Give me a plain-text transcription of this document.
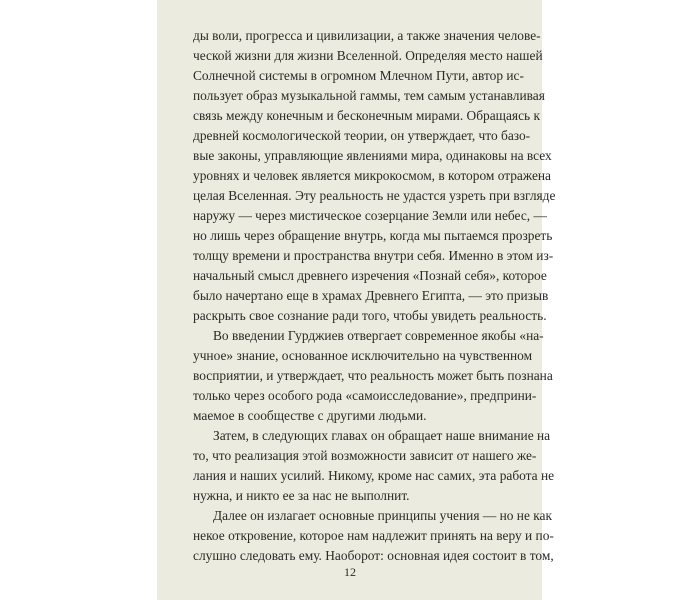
ды воли, прогресса и цивилизации, а также значения челове-
ческой жизни для жизни Вселенной. Определяя место нашей
Солнечной системы в огромном Млечном Пути, автор ис-
пользует образ музыкальной гаммы, тем самым устанавливая
связь между конечным и бесконечным мирами. Обращаясь к
древней космологической теории, он утверждает, что базо-
вые законы, управляющие явлениями мира, одинаковы на всех
уровнях и человек является микрокосмом, в котором отражена
целая Вселенная. Эту реальность не удастся узреть при взгляде
наружу — через мистическое созерцание Земли или небес, —
но лишь через обращение внутрь, когда мы пытаемся прозреть
толщу времени и пространства внутри себя. Именно в этом из-
начальный смысл древнего изречения «Познай себя», которое
было начертано еще в храмах Древнего Египта, — это призыв
раскрыть свое сознание ради того, чтобы увидеть реальность.
Во введении Гурджиев отвергает современное якобы «на-
учное» знание, основанное исключительно на чувственном
восприятии, и утверждает, что реальность может быть познана
только через особого рода «самоисследование», предприни-
маемое в сообществе с другими людьми.
Затем, в следующих главах он обращает наше внимание на
то, что реализация этой возможности зависит от нашего же-
лания и наших усилий. Никому, кроме нас самих, эта работа не
нужна, и никто ее за нас не выполнит.
Далее он излагает основные принципы учения — но не как
некое откровение, которое нам надлежит принять на веру и по-
слушно следовать ему. Наоборот: основная идея состоит в том,
12
